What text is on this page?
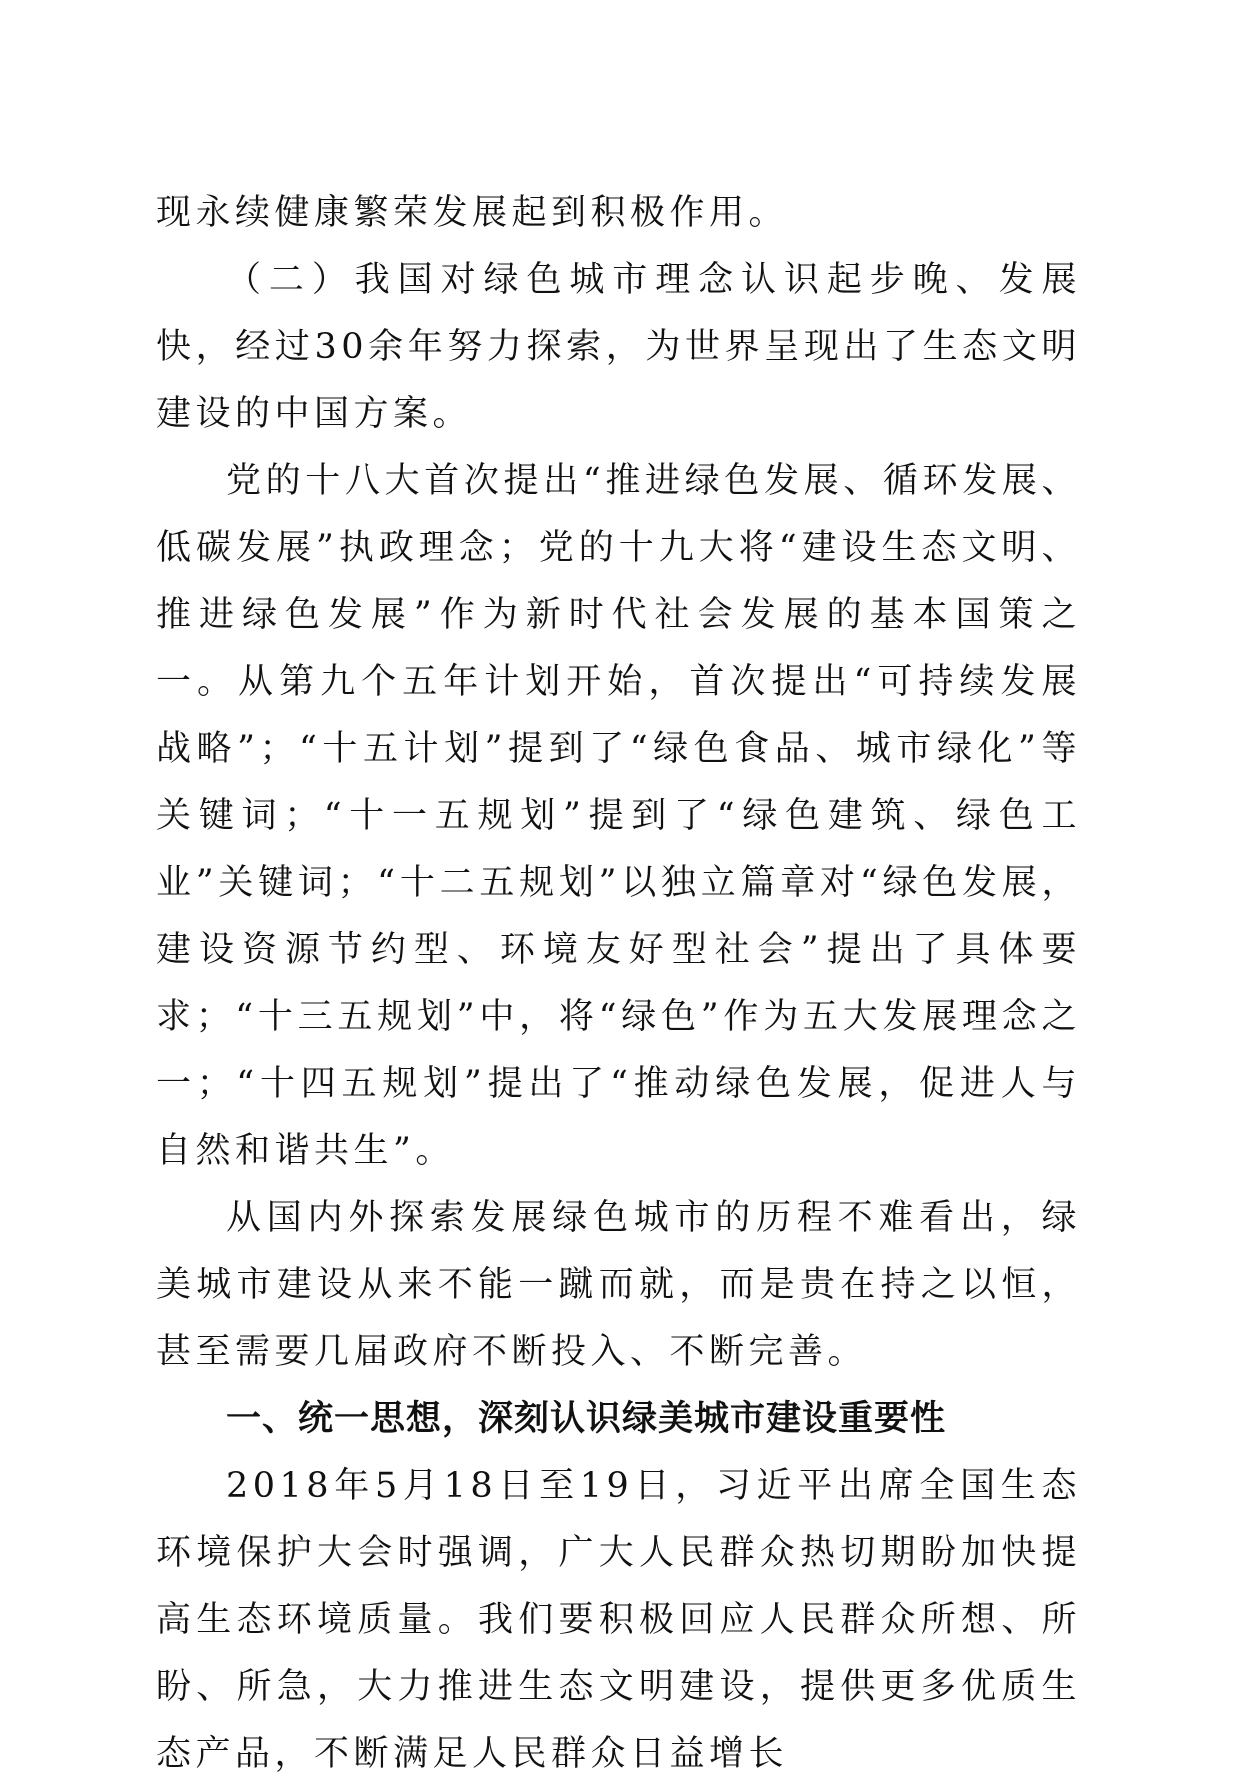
现永续健康繁荣发展起到积极作用。

（二）我国对绿色城市理念认识起步晚、发展快，经过30余年努力探索，为世界呈现出了生态文明建设的中国方案。

党的十八大首次提出“推进绿色发展、循环发展、低碳发展”执政理念；党的十九大将“建设生态文明、推进绿色发展”作为新时代社会发展的基本国策之一。从第九个五年计划开始，首次提出“可持续发展战略”；“十五计划”提到了“绿色食品、城市绿化”等关键词；“十一五规划”提到了“绿色建筑、绿色工业”关键词；“十二五规划”以独立篇章对“绿色发展，建设资源节约型、环境友好型社会”提出了具体要求；“十三五规划”中，将“绿色”作为五大发展理念之一；“十四五规划”提出了“推动绿色发展，促进人与自然和谐共生”。

从国内外探索发展绿色城市的历程不难看出，绿美城市建设从来不能一蹴而就，而是贵在持之以恒，甚至需要几届政府不断投入、不断完善。

一、统一思想，深刻认识绿美城市建设重要性

2018年5月18日至19日，习近平出席全国生态环境保护大会时强调，广大人民群众热切期盼加快提高生态环境质量。我们要积极回应人民群众所想、所盼、所急，大力推进生态文明建设，提供更多优质生态产品，不断满足人民群众日益增长
